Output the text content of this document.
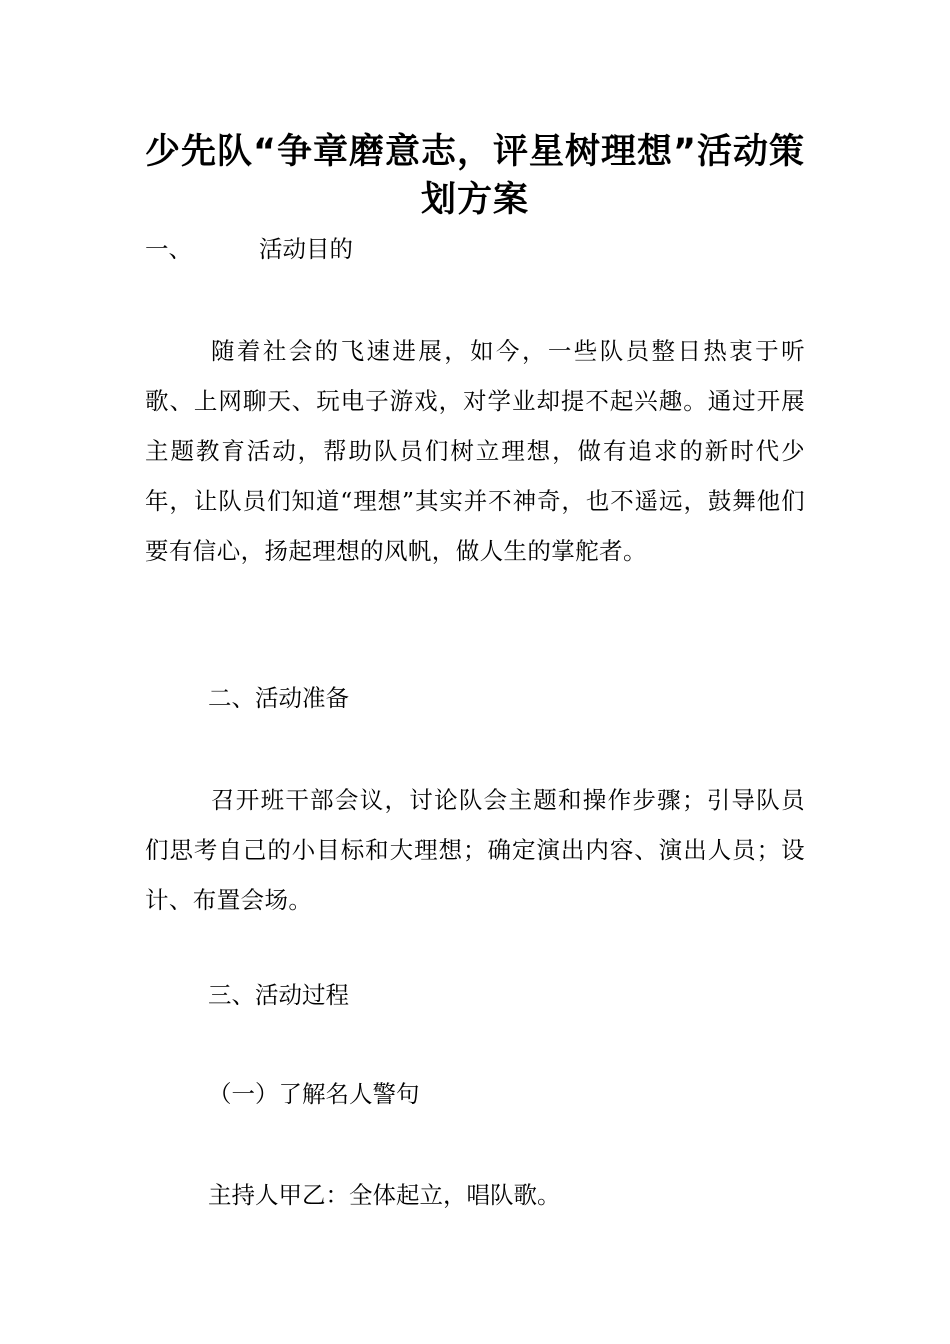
少先队“争章磨意志，评星树理想”活动策划方案
一、	活动目的
随着社会的飞速进展，如今，一些队员整日热衷于听歌、上网聊天、玩电子游戏，对学业却提不起兴趣。通过开展主题教育活动，帮助队员们树立理想，做有追求的新时代少年，让队员们知道“理想”其实并不神奇，也不遥远，鼓舞他们要有信心，扬起理想的风帆，做人生的掌舵者。
二、活动准备
召开班干部会议，讨论队会主题和操作步骤；引导队员们思考自己的小目标和大理想；确定演出内容、演出人员；设计、布置会场。
三、活动过程
（一）了解名人警句
主持人甲乙：全体起立，唱队歌。
